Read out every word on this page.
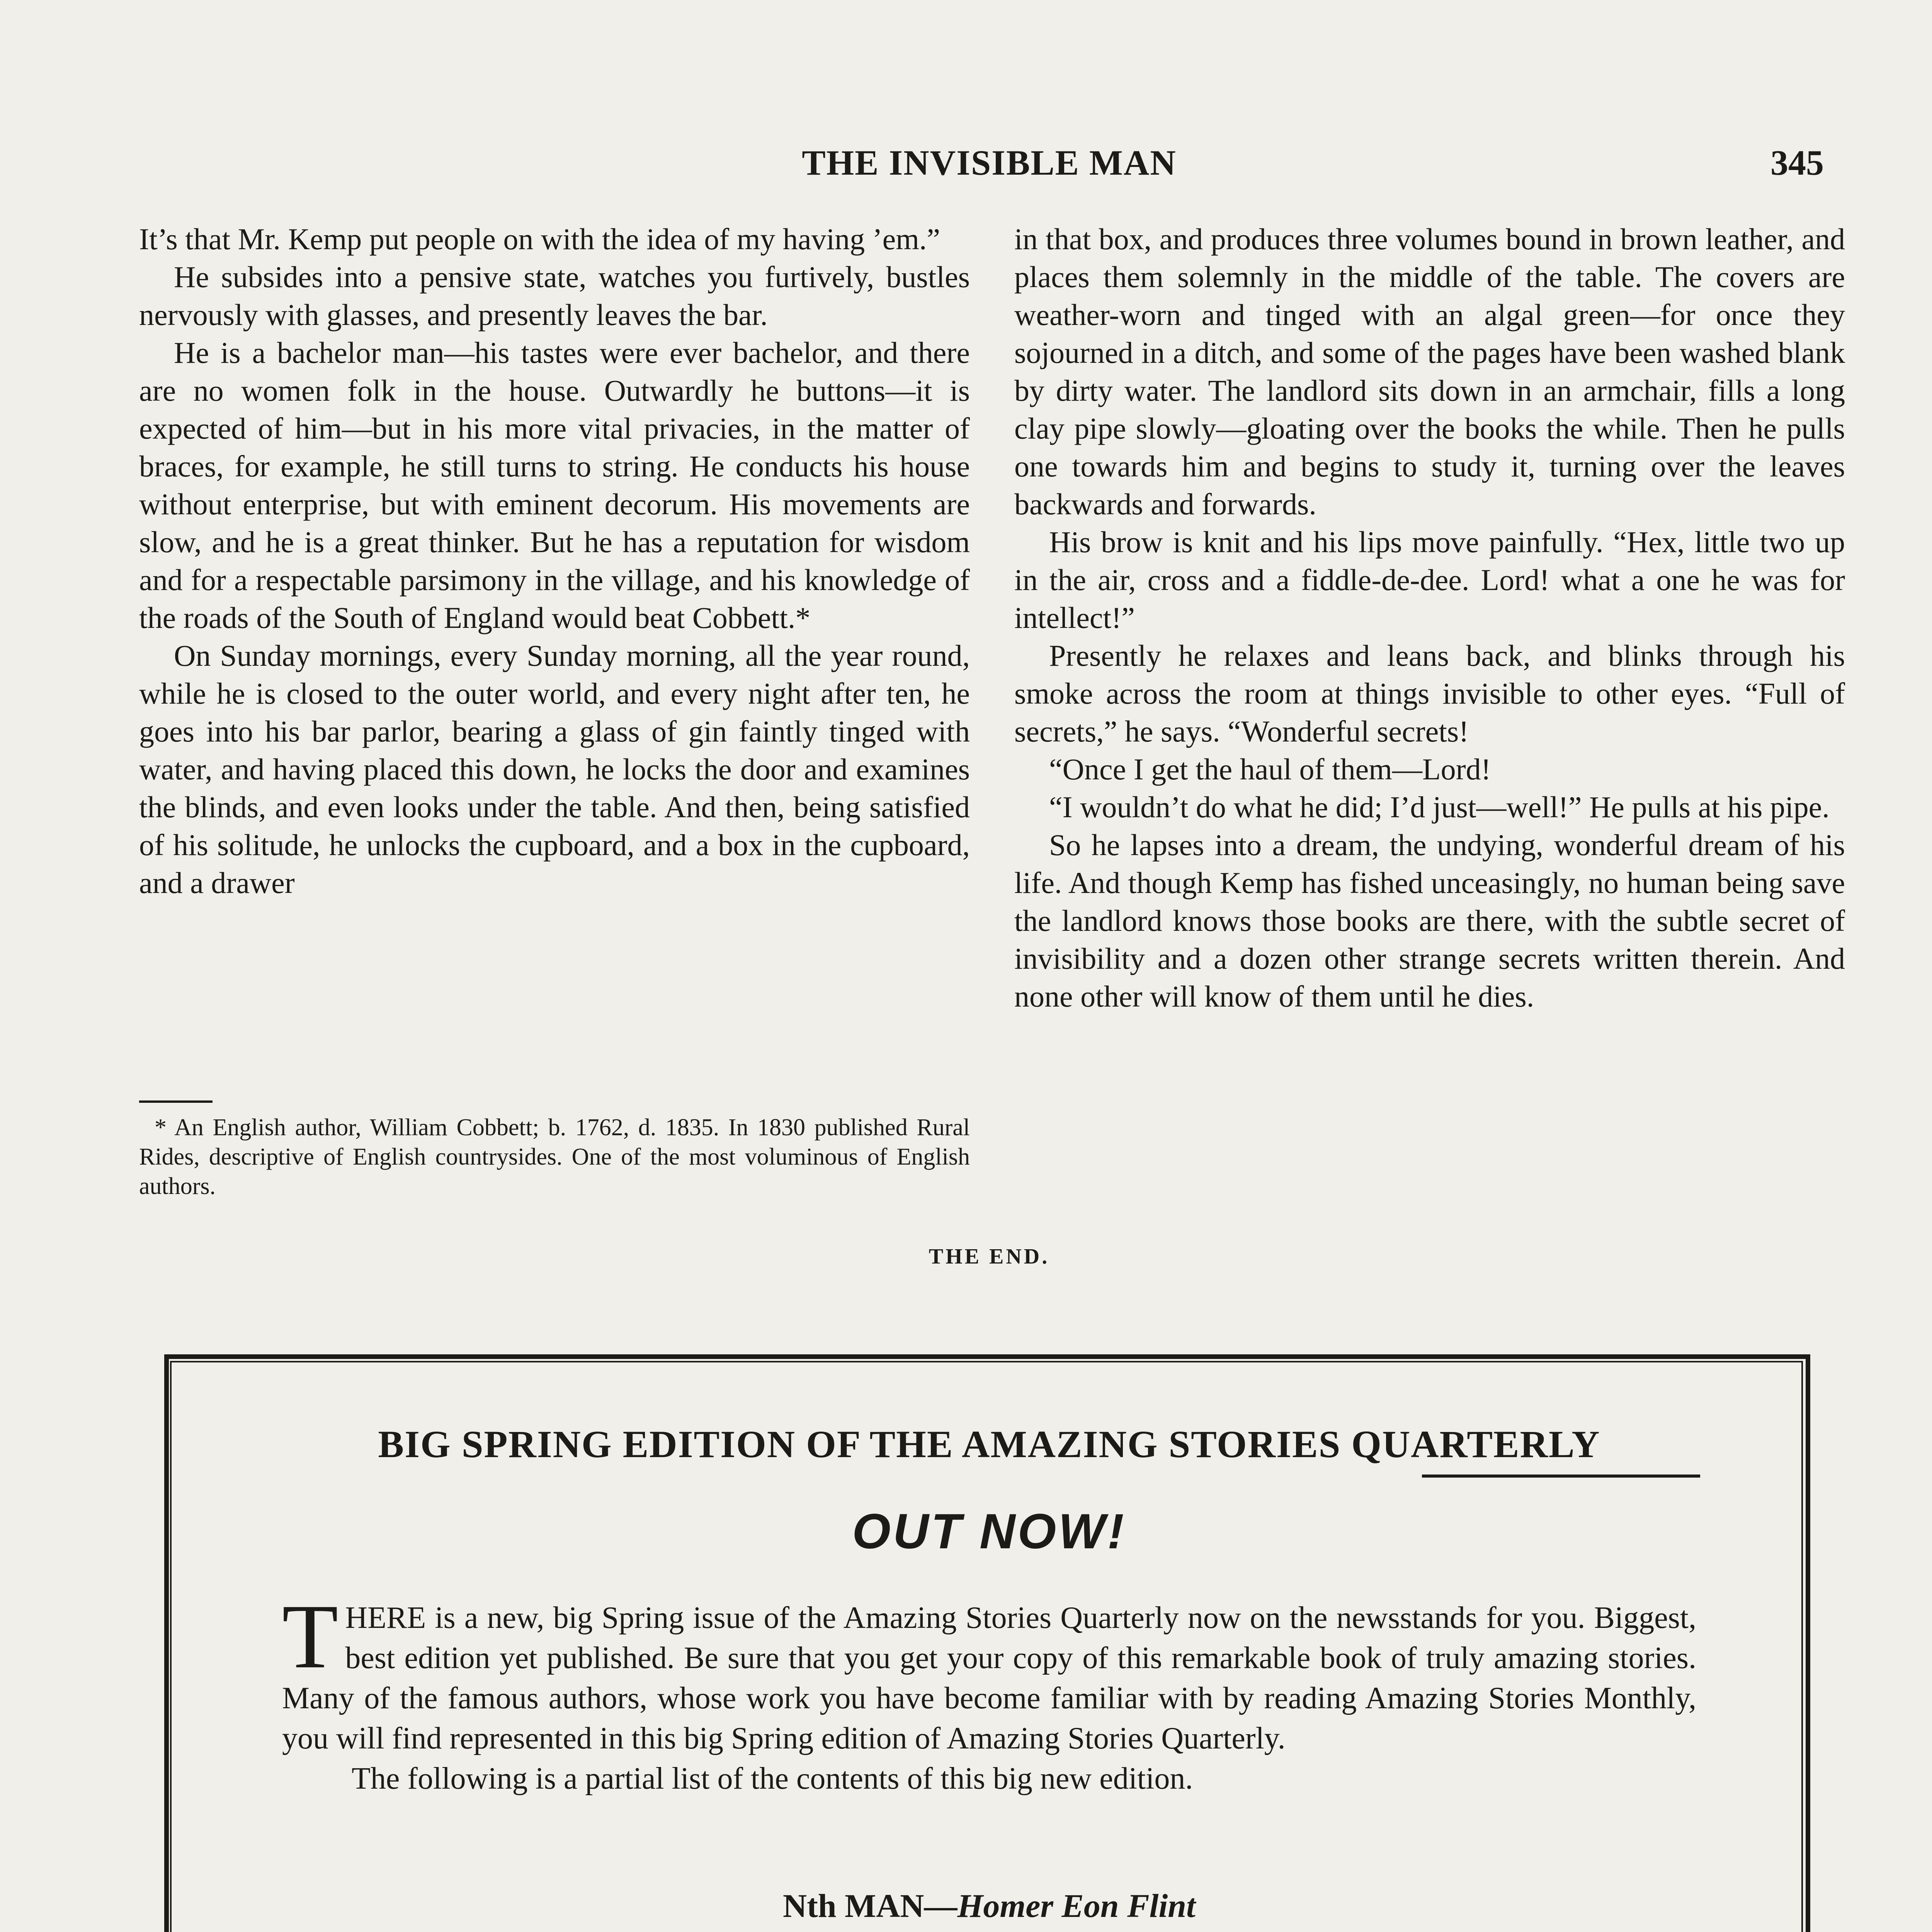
THE INVISIBLE MAN	345

It’s that Mr. Kemp put people on with the idea of my having ’em.”

He subsides into a pensive state, watches you furtively, bustles nervously with glasses, and presently leaves the bar.

He is a bachelor man—his tastes were ever bachelor, and there are no women folk in the house. Outwardly he buttons—it is expected of him—but in his more vital privacies, in the matter of braces, for example, he still turns to string. He conducts his house without enterprise, but with eminent decorum. His movements are slow, and he is a great thinker. But he has a reputation for wisdom and for a respectable parsimony in the village, and his knowledge of the roads of the South of England would beat Cobbett.*

On Sunday mornings, every Sunday morning, all the year round, while he is closed to the outer world, and every night after ten, he goes into his bar parlor, bearing a glass of gin faintly tinged with water, and having placed this down, he locks the door and examines the blinds, and even looks under the table. And then, being satisfied of his solitude, he unlocks the cupboard, and a box in the cupboard, and a drawer

* An English author, William Cobbett; b. 1762, d. 1835. In 1830 published Rural Rides, descriptive of English countrysides. One of the most voluminous of English authors.

in that box, and produces three volumes bound in brown leather, and places them solemnly in the middle of the table. The covers are weather-worn and tinged with an algal green—for once they sojourned in a ditch, and some of the pages have been washed blank by dirty water. The landlord sits down in an armchair, fills a long clay pipe slowly—gloating over the books the while. Then he pulls one towards him and begins to study it, turning over the leaves backwards and forwards.

His brow is knit and his lips move painfully. “Hex, little two up in the air, cross and a fiddle-de-dee. Lord! what a one he was for intellect!”

Presently he relaxes and leans back, and blinks through his smoke across the room at things invisible to other eyes. “Full of secrets,” he says. “Wonderful secrets!

“Once I get the haul of them—Lord!

“I wouldn’t do what he did; I’d just—well!” He pulls at his pipe.

So he lapses into a dream, the undying, wonderful dream of his life. And though Kemp has fished unceasingly, no human being save the landlord knows those books are there, with the subtle secret of invisibility and a dozen other strange secrets written therein. And none other will know of them until he dies.

THE END.
BIG SPRING EDITION OF THE AMAZING STORIES QUARTERLY
OUT NOW!

THERE is a new, big Spring issue of the Amazing Stories Quarterly now on the newsstands for you. Biggest, best edition yet published. Be sure that you get your copy of this remarkable book of truly amazing stories. Many of the famous authors, whose work you have become familiar with by reading Amazing Stories Monthly, you will find represented in this big Spring edition of Amazing Stories Quarterly.

The following is a partial list of the contents of this big new edition.

Nth MAN—Homer Eon Flint
